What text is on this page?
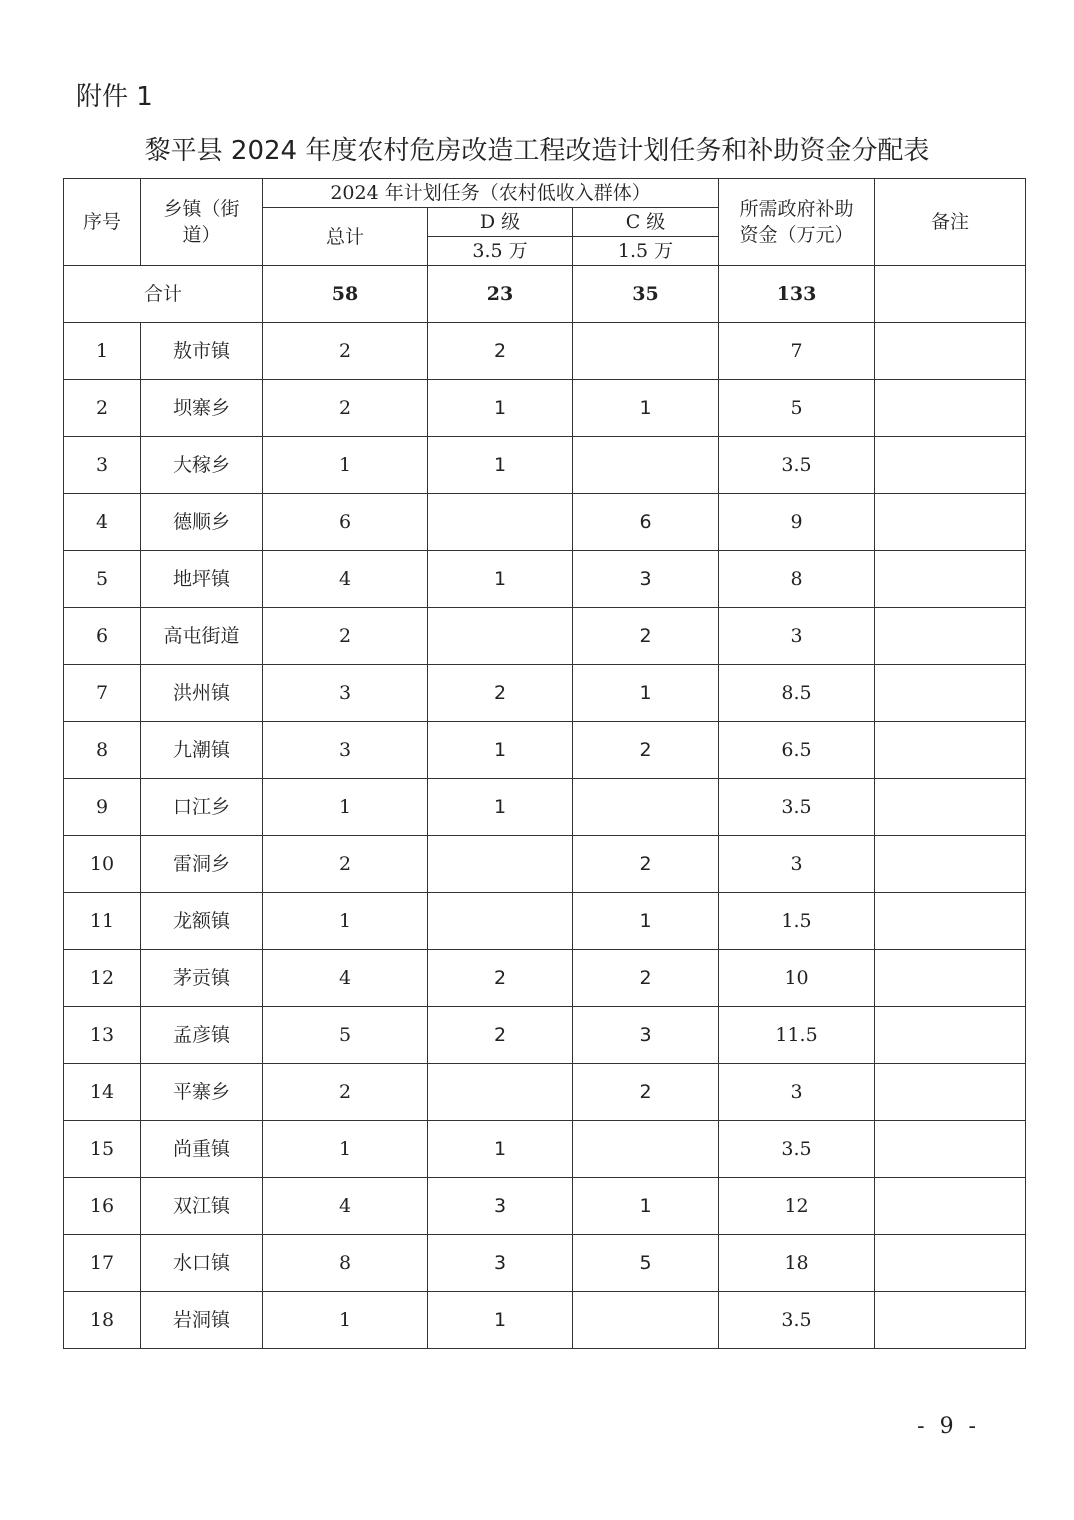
附件 1
黎平县 2024 年度农村危房改造工程改造计划任务和补助资金分配表
序号	乡镇（街道）	2024 年计划任务（农村低收入群体）			所需政府补助资金（万元）	备注
		总计	D 级	C 级		
			3.5 万	1.5 万		
合计		58	23	35	133	
1	敖市镇	2	2		7	
2	坝寨乡	2	1	1	5	
3	大稼乡	1	1		3.5	
4	德顺乡	6		6	9	
5	地坪镇	4	1	3	8	
6	高屯街道	2		2	3	
7	洪州镇	3	2	1	8.5	
8	九潮镇	3	1	2	6.5	
9	口江乡	1	1		3.5	
10	雷洞乡	2		2	3	
11	龙额镇	1		1	1.5	
12	茅贡镇	4	2	2	10	
13	孟彦镇	5	2	3	11.5	
14	平寨乡	2		2	3	
15	尚重镇	1	1		3.5	
16	双江镇	4	3	1	12	
17	水口镇	8	3	5	18	
18	岩洞镇	1	1		3.5	
- 9 -
